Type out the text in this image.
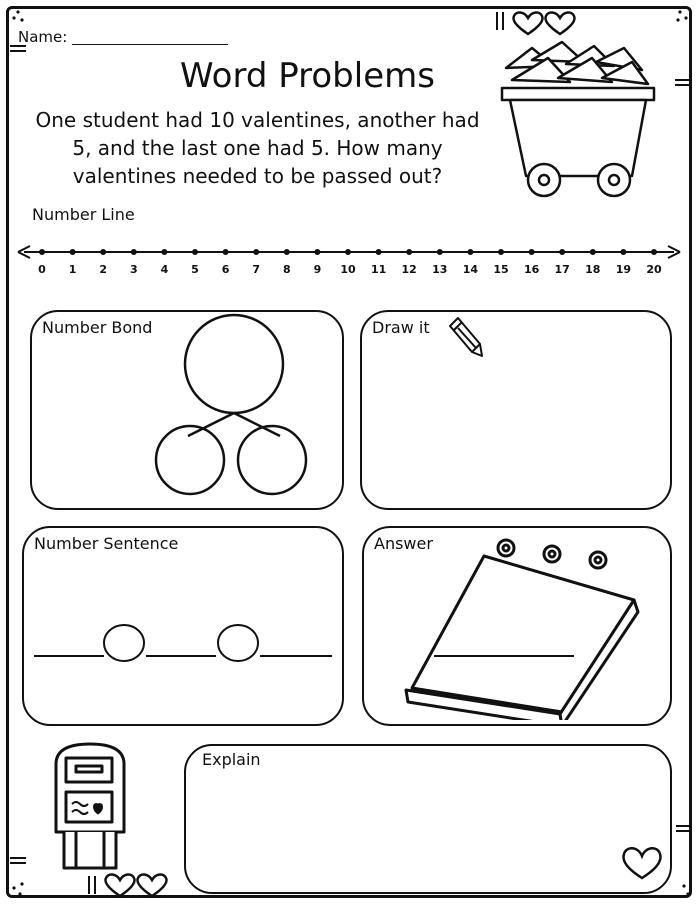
Name:
Word Problems
One student had 10 valentines, another had 5, and the last one had 5. How many valentines needed to be passed out?
Number Line
0 1 2 3 4 5 6 7 8 9 10 11 12 13 14 15 16 17 18 19 20
Number Bond	Draw it
Number Sentence	Answer
Explain
